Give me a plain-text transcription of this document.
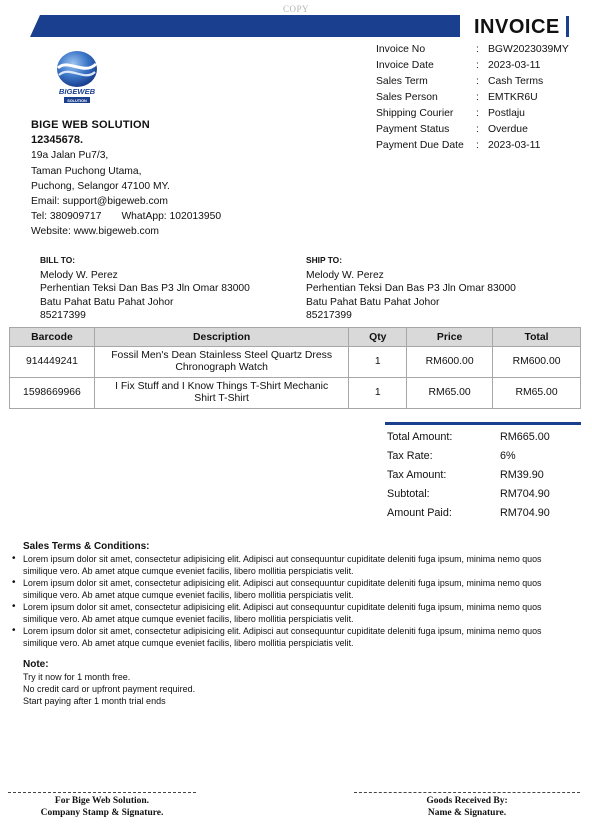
COPY
INVOICE
BIGEWEB
SOLUTION
Invoice No	: BGW2023039MY
Invoice Date	: 2023-03-11
Sales Term	: Cash Terms
Sales Person	: EMTKR6U
Shipping Courier	: Postlaju
Payment Status	: Overdue
Payment Due Date	: 2023-03-11
BIGE WEB SOLUTION
12345678.
19a Jalan Pu7/3,
Taman Puchong Utama,
Puchong, Selangor 47100 MY.
Email: support@bigeweb.com
Tel: 380909717 WhatApp: 102013950
Website: www.bigeweb.com
BILL TO:
Melody W. Perez
Perhentian Teksi Dan Bas P3 Jln Omar 83000
Batu Pahat Batu Pahat Johor
85217399
SHIP TO:
Melody W. Perez
Perhentian Teksi Dan Bas P3 Jln Omar 83000
Batu Pahat Batu Pahat Johor
85217399
Barcode	Description	Qty	Price	Total
914449241	Fossil Men's Dean Stainless Steel Quartz Dress Chronograph Watch	1	RM600.00	RM600.00
1598669966	I Fix Stuff and I Know Things T-Shirt Mechanic Shirt T-Shirt	1	RM65.00	RM65.00
Total Amount:	RM665.00
Tax Rate:	6%
Tax Amount:	RM39.90
Subtotal:	RM704.90
Amount Paid:	RM704.90
Sales Terms & Conditions:
• Lorem ipsum dolor sit amet, consectetur adipisicing elit. Adipisci aut consequuntur cupiditate deleniti fuga ipsum, minima nemo quos similique vero. Ab amet atque cumque eveniet facilis, libero mollitia perspiciatis velit.
• Lorem ipsum dolor sit amet, consectetur adipisicing elit. Adipisci aut consequuntur cupiditate deleniti fuga ipsum, minima nemo quos similique vero. Ab amet atque cumque eveniet facilis, libero mollitia perspiciatis velit.
• Lorem ipsum dolor sit amet, consectetur adipisicing elit. Adipisci aut consequuntur cupiditate deleniti fuga ipsum, minima nemo quos similique vero. Ab amet atque cumque eveniet facilis, libero mollitia perspiciatis velit.
• Lorem ipsum dolor sit amet, consectetur adipisicing elit. Adipisci aut consequuntur cupiditate deleniti fuga ipsum, minima nemo quos similique vero. Ab amet atque cumque eveniet facilis, libero mollitia perspiciatis velit.
Note:
Try it now for 1 month free.
No credit card or upfront payment required.
Start paying after 1 month trial ends
For Bige Web Solution.
Company Stamp & Signature.
Goods Received By:
Name & Signature.
